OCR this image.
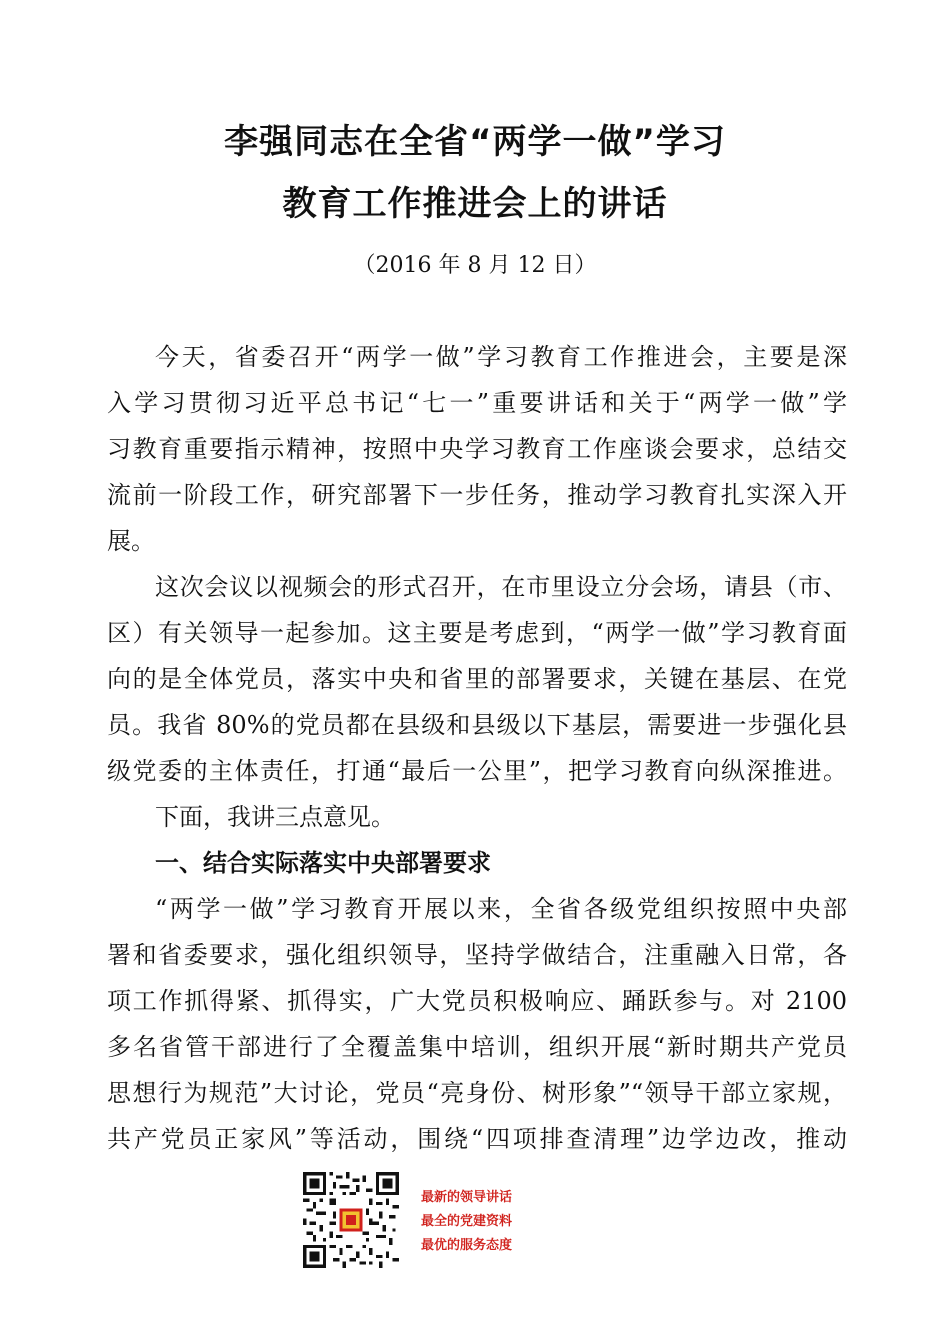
李强同志在全省“两学一做”学习
教育工作推进会上的讲话
（2016 年 8 月 12 日）
今天，省委召开“两学一做”学习教育工作推进会，主要是深
入学习贯彻习近平总书记“七一”重要讲话和关于“两学一做”学
习教育重要指示精神，按照中央学习教育工作座谈会要求，总结交
流前一阶段工作，研究部署下一步任务，推动学习教育扎实深入开
展。
这次会议以视频会的形式召开，在市里设立分会场，请县（市、
区）有关领导一起参加。这主要是考虑到，“两学一做”学习教育面
向的是全体党员，落实中央和省里的部署要求，关键在基层、在党
员。我省 80%的党员都在县级和县级以下基层，需要进一步强化县
级党委的主体责任，打通“最后一公里”，把学习教育向纵深推进。
下面，我讲三点意见。
一、结合实际落实中央部署要求
“两学一做”学习教育开展以来，全省各级党组织按照中央部
署和省委要求，强化组织领导，坚持学做结合，注重融入日常，各
项工作抓得紧、抓得实，广大党员积极响应、踊跃参与。对 2100
多名省管干部进行了全覆盖集中培训，组织开展“新时期共产党员
思想行为规范”大讨论，党员“亮身份、树形象”“领导干部立家规，
共产党员正家风”等活动，围绕“四项排查清理”边学边改，推动
最新的领导讲话
最全的党建资料
最优的服务态度
